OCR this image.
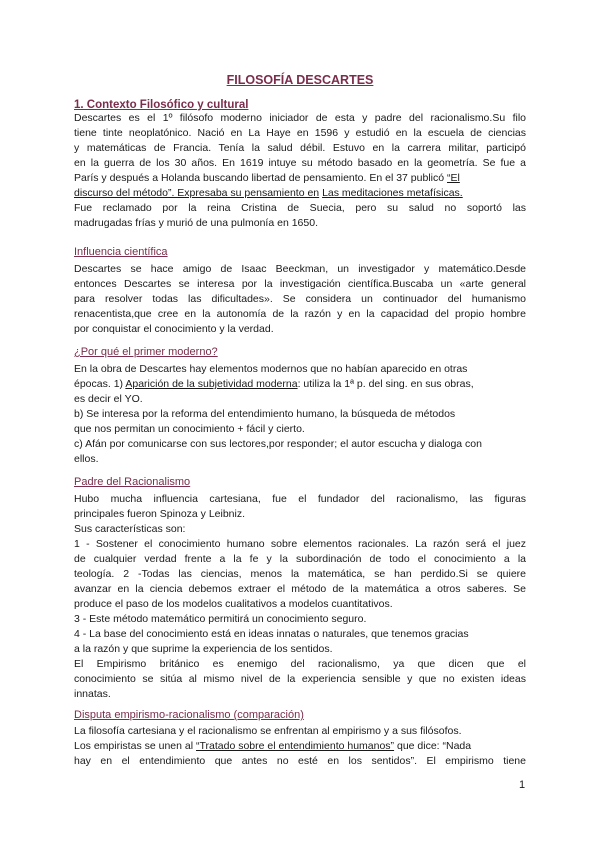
FILOSOFÍA DESCARTES
1. Contexto Filosófico y cultural
Descartes es el 1º filósofo moderno iniciador de esta y padre del racionalismo.Su filo
tiene tinte neoplatónico. Nació en La Haye en 1596 y estudió en la escuela de ciencias
y matemáticas de Francia. Tenía la salud débil. Estuvo en la carrera militar, participó
en la guerra de los 30 años. En 1619 intuye su método basado en la geometría. Se fue a
París y después a Holanda buscando libertad de pensamiento. En el 37 publicó “El
discurso del método”. Expresaba su pensamiento en Las meditaciones metafísicas.
Fue reclamado por la reina Cristina de Suecia, pero su salud no soportó las
madrugadas frías y murió de una pulmonía en 1650.
Influencia científica
Descartes se hace amigo de Isaac Beeckman, un investigador y matemático.Desde
entonces Descartes se interesa por la investigación científica.Buscaba un «arte general
para resolver todas las dificultades». Se considera un continuador del humanismo
renacentista,que cree en la autonomía de la razón y en la capacidad del propio hombre
por conquistar el conocimiento y la verdad.
¿Por qué el primer moderno?
En la obra de Descartes hay elementos modernos que no habían aparecido en otras
épocas. 1) Aparición de la subjetividad moderna: utiliza la 1ª p. del sing. en sus obras,
es decir el YO.
b) Se interesa por la reforma del entendimiento humano, la búsqueda de métodos
que nos permitan un conocimiento + fácil y cierto.
c) Afán por comunicarse con sus lectores,por responder; el autor escucha y dialoga con
ellos.
Padre del Racionalismo
Hubo mucha influencia cartesiana, fue el fundador del racionalismo, las figuras
principales fueron Spinoza y Leibniz.
Sus características son:
1 - Sostener el conocimiento humano sobre elementos racionales. La razón será el juez
de cualquier verdad frente a la fe y la subordinación de todo el conocimiento a la
teología. 2 -Todas las ciencias, menos la matemática, se han perdido.Si se quiere
avanzar en la ciencia debemos extraer el método de la matemática a otros saberes. Se
produce el paso de los modelos cualitativos a modelos cuantitativos.
3 - Este método matemático permitirá un conocimiento seguro.
4 - La base del conocimiento está en ideas innatas o naturales, que tenemos gracias
a la razón y que suprime la experiencia de los sentidos.
El Empirismo británico es enemigo del racionalismo, ya que dicen que el
conocimiento se sitúa al mismo nivel de la experiencia sensible y que no existen ideas
innatas.
Disputa empirismo-racionalismo (comparación)
La filosofía cartesiana y el racionalismo se enfrentan al empirismo y a sus filósofos.
Los empiristas se unen al “Tratado sobre el entendimiento humanos” que dice: “Nada
hay en el entendimiento que antes no esté en los sentidos”. El empirismo tiene
1
